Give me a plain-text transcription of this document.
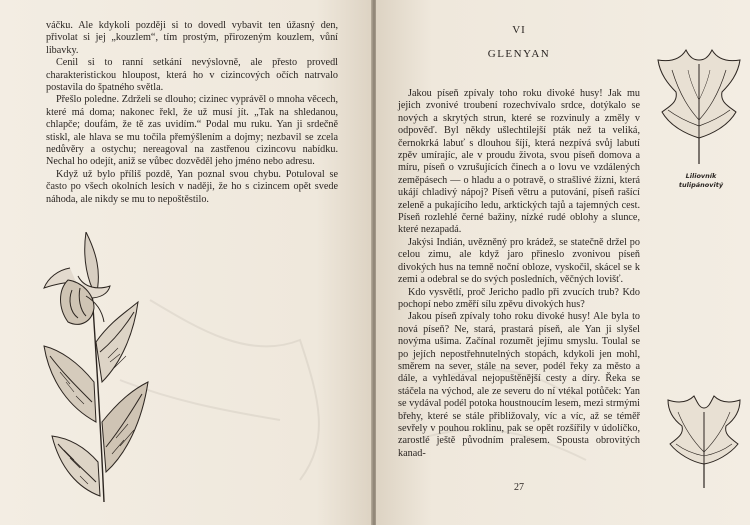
váčku. Ale kdykoli později si to dovedl vybavit ten úžasný den, přivolat si jej „kouzlem“, tím prostým, přirozeným kouzlem, vůní libavky.

Cenil si to ranní setkání nevýslovně, ale přesto provedl charakteristickou hloupost, která ho v cizincových očích natrvalo postavila do špatného světla.

Přešlo poledne. Zdrželi se dlouho; cizinec vyprávěl o mnoha věcech, které má doma; nakonec řekl, že už musí jít. „Tak na shledanou, chlapče; doufám, že tě zas uvidím.“ Podal mu ruku. Yan ji srdečně stiskl, ale hlava se mu točila přemýšlením a dojmy; nezbavil se zcela nedůvěry a ostychu; nereagoval na zastřenou cizincovu nabídku. Nechal ho odejít, aniž se vůbec dozvěděl jeho jméno nebo adresu.

Když už bylo příliš pozdě, Yan poznal svou chybu. Potuloval se často po všech okolních lesích v naději, že ho s cizincem opět svede náhoda, ale nikdy se mu to nepoštěstilo.

VI
GLENYAN

Jakou píseň zpívaly toho roku divoké husy! Jak mu jejich zvonivé troubení rozechvívalo srdce, dotýkalo se nových a skrytých strun, které se rozvinuly a změly v odpověď. Byl někdy ušlechtilejší pták než ta veliká, černokrká labuť s dlouhou šíjí, která nezpívá svůj labutí zpěv umírajíc, ale v proudu života, svou píseň domova a míru, píseň o vzrušujících činech a o lovu ve vzdálených zeměpásech — o hladu a o potravě, o strašlivé žízni, která ukájí chladivý nápoj? Píseň větru a putování, píseň rašící zeleně a pukajícího ledu, arktických tajů a tajemných cest. Píseň rozlehlé černé bažiny, nízké rudé oblohy a slunce, které nezapadá.

Jakýsi Indián, uvězněný pro krádež, se statečně držel po celou zimu, ale když jaro přineslo zvonivou píseň divokých hus na temně noční obloze, vyskočil, skácel se k zemi a odebral se do svých posledních, věčných lovišť.

Kdo vysvětlí, proč Jericho padlo při zvucích trub? Kdo pochopí nebo změří sílu zpěvu divokých hus?

Jakou píseň zpívaly toho roku divoké husy! Ale byla to nová píseň? Ne, stará, prastará píseň, ale Yan ji slyšel novýma ušima. Začínal rozumět jejímu smyslu. Toulal se po jejích nepostřehnutelných stopách, kdykoli jen mohl, směrem na sever, stále na sever, podél řeky za město a dále, a vyhledával nejopuštěnější cesty a díry. Řeka se stáčela na východ, ale ze severu do ní vtékal potůček: Yan se vydával podél potoka houstnoucím lesem, mezi strmými břehy, které se stále přibližovaly, víc a víc, až se téměř sevřely v pouhou roklinu, pak se opět rozšířily v údolíčko, zarostlé ještě původním pralesem. Spousta obrovitých kanad-

27
Liliovník
tulipánovitý
